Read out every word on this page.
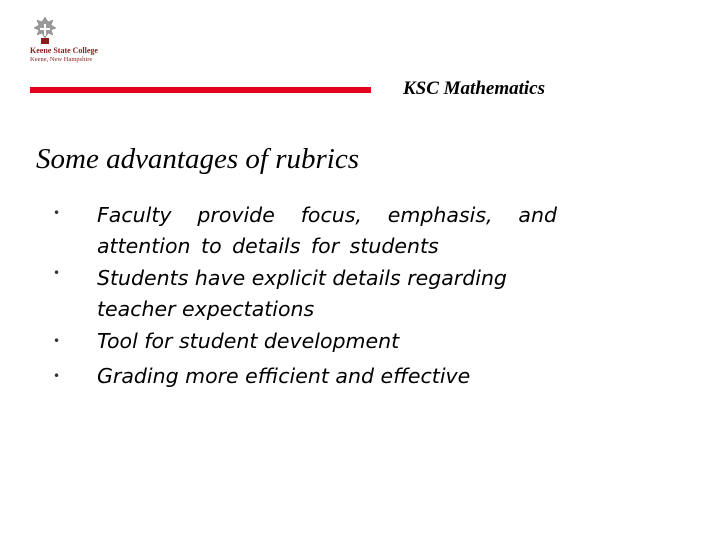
Keene State College
Keene, New Hampshire
KSC Mathematics
Some advantages of rubrics
• Faculty provide focus, emphasis, and attention to details for students
• Students have explicit details regarding teacher expectations
• Tool for student development
• Grading more efficient and effective
